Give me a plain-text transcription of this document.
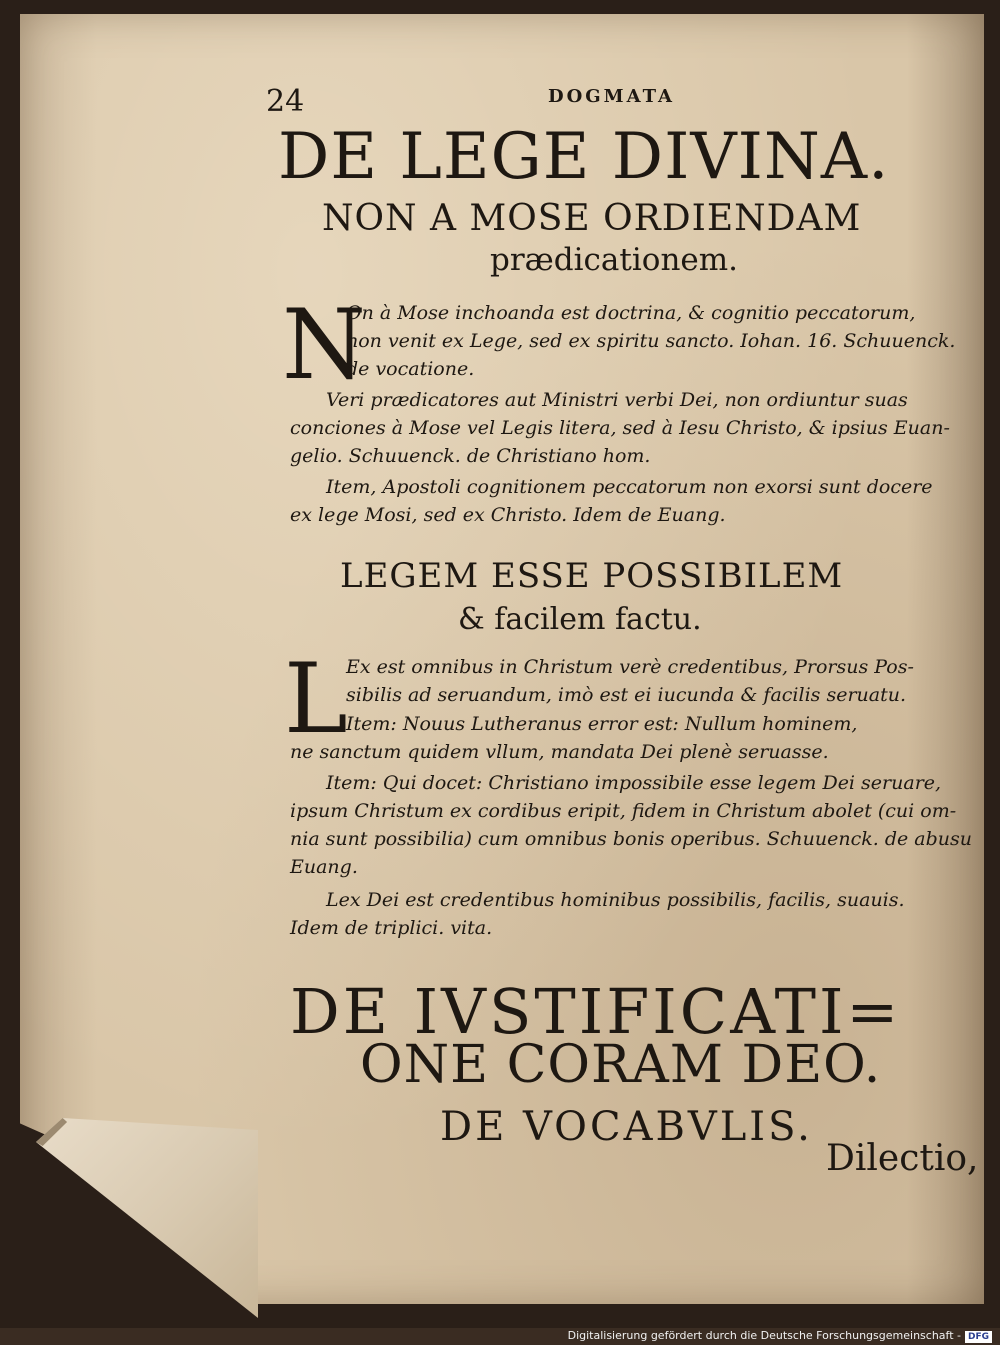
24	DOGMATA
DE LEGE DIVINA.
NON A MOSE ORDIENDAM
prædicationem.
N
On à Mose inchoanda est doctrina, & cognitio peccatorum,
non venit ex Lege, sed ex spiritu sancto. Iohan. 16. Schuuenck.
de vocatione.
Veri prædicatores aut Ministri verbi Dei, non ordiuntur suas
conciones à Mose vel Legis litera, sed à Iesu Christo, & ipsius Euan-
gelio. Schuuenck. de Christiano hom.
Item, Apostoli cognitionem peccatorum non exorsi sunt docere
ex lege Mosi, sed ex Christo. Idem de Euang.
LEGEM ESSE POSSIBILEM
& facilem factu.
L
Ex est omnibus in Christum verè credentibus, Prorsus Pos-
sibilis ad seruandum, imò est ei iucunda & facilis seruatu.
Item: Nouus Lutheranus error est: Nullum hominem,
ne sanctum quidem vllum, mandata Dei plenè seruasse.
Item: Qui docet: Christiano impossibile esse legem Dei seruare,
ipsum Christum ex cordibus eripit, fidem in Christum abolet (cui om-
nia sunt possibilia) cum omnibus bonis operibus. Schuuenck. de abusu
Euang.
Lex Dei est credentibus hominibus possibilis, facilis, suauis.
Idem de triplici. vita.
DE IVSTIFICATI=
ONE CORAM DEO.
DE VOCABVLIS.
Dilectio,
Digitalisierung gefördert durch die Deutsche Forschungsgemeinschaft - DFG
